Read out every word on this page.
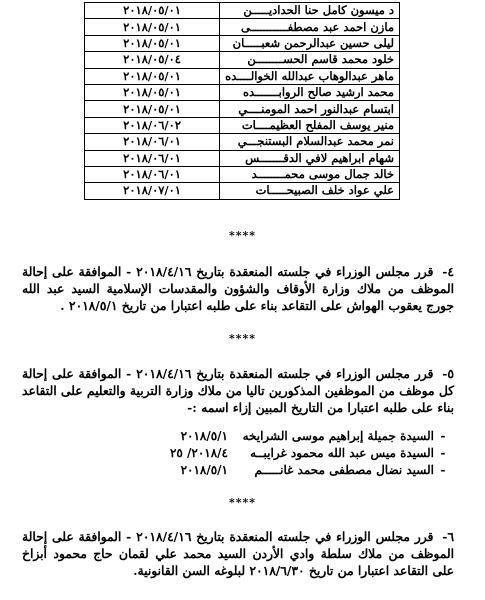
د ميسون كامل حنا الحداديـــــن	٢٠١٨/٠٥/٠١
مازن احمد عبد مصطفـــــــــــى	٢٠١٨/٠٥/٠١
ليلى حسين عبدالرحمن شعبـــــان	٢٠١٨/٠٥/٠١
خلود محمد قاسم الحســــــــن	٢٠١٨/٠٥/٠٤
ماهر عبدالوهاب عبدالله الخوالــــده	٢٠١٨/٠٥/٠١
محمد ارشيد صالح الروابـــــــده	٢٠١٨/٠٥/٠١
ابتسام عبدالنور احمد المومنــــي	٢٠١٨/٠٥/٠١
منير يوسف المفلح العظيمــــات	٢٠١٨/٠٦/٠٢
نمر محمد عبدالسلام البستنجـــي	٢٠١٨/٠٦/٠١
شهام ابراهيم لافي الدقـــــــس	٢٠١٨/٠٦/٠١
خالد جمال موسى محمــــــــد	٢٠١٨/٠٦/٠١
علي عواد خلف الصبيحـــــات	٢٠١٨/٠٧/٠١
****
٤- قرر مجلس الوزراء في جلسته المنعقدة بتاريخ ٢٠١٨/٤/١٦ - الموافقة على إحالة الموظف من ملاك وزارة الأوقاف والشؤون والمقدسات الإسلامية السيد عبد الله جورج يعقوب الهواش على التقاعد بناء على طلبه اعتبارا من تاريخ ٢٠١٨/٥/١ .
****
٥- قرر مجلس الوزراء في جلسته المنعقدة بتاريخ ٢٠١٨/٤/١٦ - الموافقة على إحالة كل موظف من الموظفين المذكورين تاليا من ملاك وزارة التربية والتعليم على التقاعد بناء على طلبه اعتبارا من التاريخ المبين إزاء اسمه :-
-
السيدة جميلة إبراهيم موسى الشرايخه
٢٠١٨/٥/١
-
السيدة ميس عبد الله محمود غرايبــه
٢٠١٨/٤/ ٢٥
-
السيد نضال مصطفى محمد غانـــــم
٢٠١٨/٥/١
****
٦- قرر مجلس الوزراء في جلسته المنعقدة بتاريخ ٢٠١٨/٤/١٦ - الموافقة على إحالة الموظف من ملاك سلطة وادي الأردن السيد محمد علي لقمان حاج محمود أبزاخ على التقاعد اعتبارا من تاريخ ٢٠١٨/٦/٣٠ لبلوغه السن القانونية.
